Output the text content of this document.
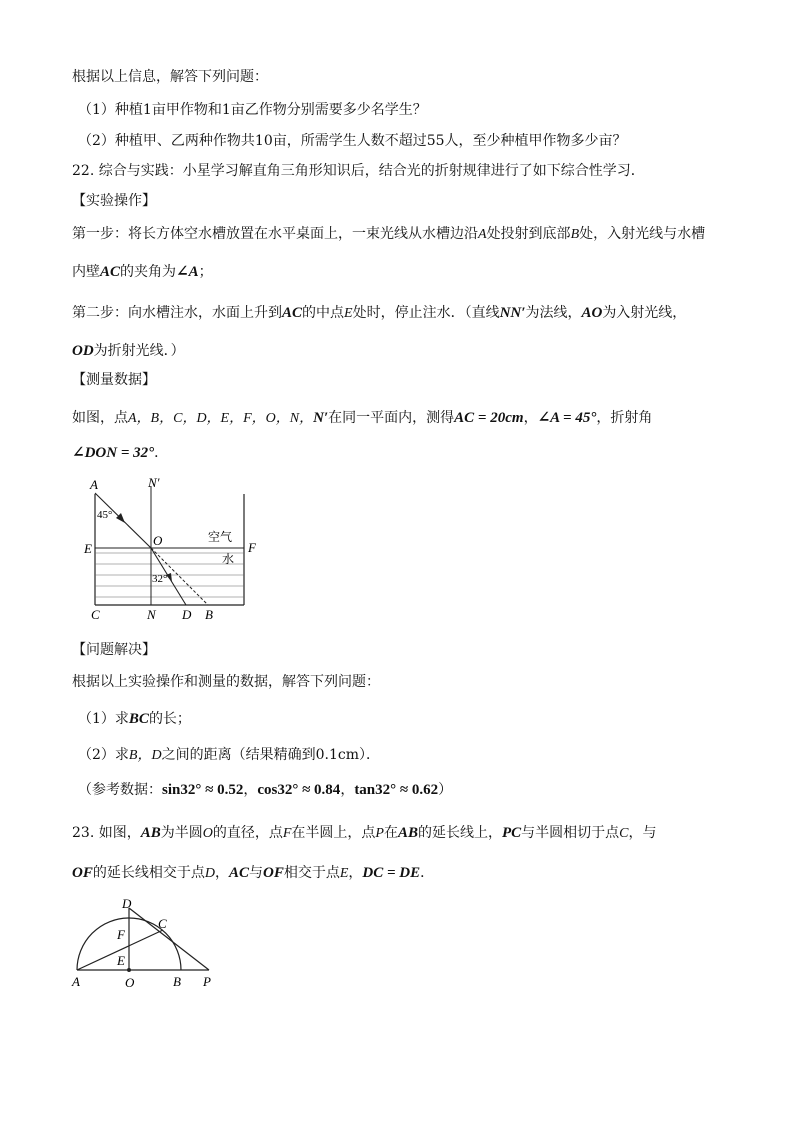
根据以上信息，解答下列问题：
（1）种植1亩甲作物和1亩乙作物分别需要多少名学生？
（2）种植甲、乙两种作物共10亩，所需学生人数不超过55人，至少种植甲作物多少亩？
22. 综合与实践：小星学习解直角三角形知识后，结合光的折射规律进行了如下综合性学习．
【实验操作】
第一步：将长方体空水槽放置在水平桌面上，一束光线从水槽边沿A处投射到底部B处，入射光线与水槽
内壁AC的夹角为∠A；
第二步：向水槽注水，水面上升到AC的中点E处时，停止注水．（直线NN′为法线，AO为入射光线，
OD为折射光线．）
【测量数据】
如图，点A，B，C，D，E，F，O，N，N′在同一平面内，测得AC = 20cm，∠A = 45°，折射角
∠DON = 32°．
A	N′
45°
E
O	空气
F
水
32°
C	N D B
【问题解决】
根据以上实验操作和测量的数据，解答下列问题：
（1）求BC的长；
（2）求B，D之间的距离（结果精确到0.1cm）．
（参考数据：sin32° ≈ 0.52，cos32° ≈ 0.84，tan32° ≈ 0.62）
23. 如图，AB为半圆O的直径，点F在半圆上，点P在AB的延长线上，PC与半圆相切于点C，与
OF的延长线相交于点D，AC与OF相交于点E，DC = DE．
D
C
F
E
A	O	B P
